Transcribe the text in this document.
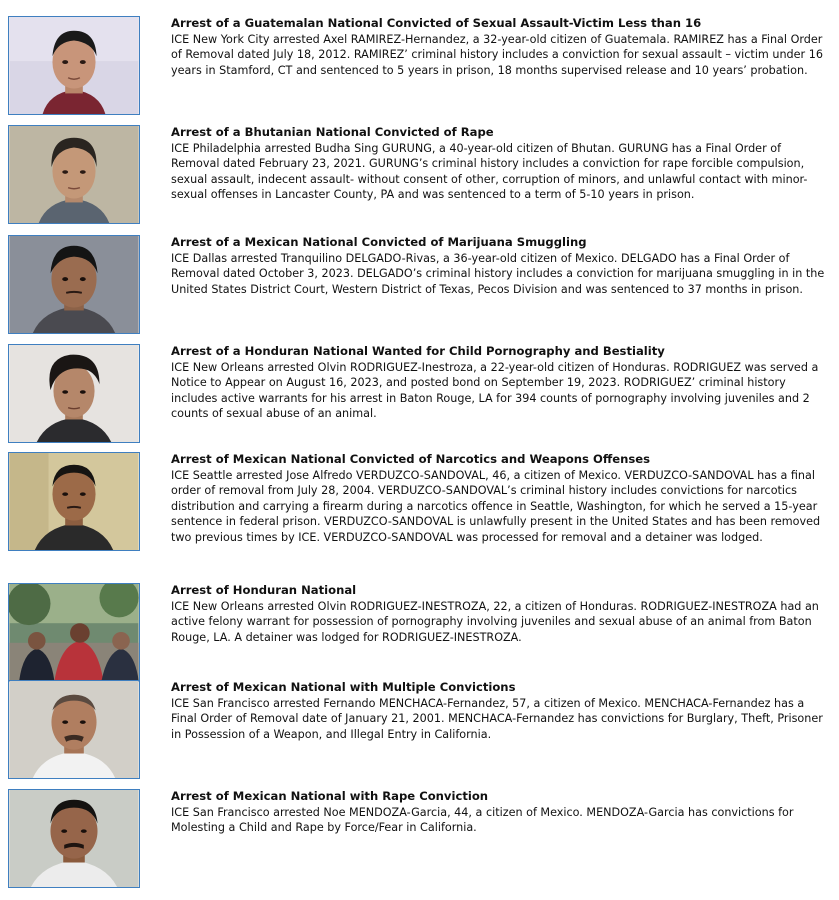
Arrest of a Guatemalan National Convicted of Sexual Assault-Victim Less than 16

ICE New York City arrested Axel RAMIREZ-Hernandez, a 32-year-old citizen of Guatemala. RAMIREZ has a Final Order of Removal dated July 18, 2012. RAMIREZ’ criminal history includes a conviction for sexual assault – victim under 16 years in Stamford, CT and sentenced to 5 years in prison, 18 months supervised release and 10 years’ probation.

Arrest of a Bhutanian National Convicted of Rape

ICE Philadelphia arrested Budha Sing GURUNG, a 40-year-old citizen of Bhutan. GURUNG has a Final Order of Removal dated February 23, 2021. GURUNG’s criminal history includes a conviction for rape forcible compulsion, sexual assault, indecent assault- without consent of other, corruption of minors, and unlawful contact with minor- sexual offenses in Lancaster County, PA and was sentenced to a term of 5-10 years in prison.

Arrest of a Mexican National Convicted of Marijuana Smuggling

ICE Dallas arrested Tranquilino DELGADO-Rivas, a 36-year-old citizen of Mexico. DELGADO has a Final Order of Removal dated October 3, 2023. DELGADO’s criminal history includes a conviction for marijuana smuggling in in the United States District Court, Western District of Texas, Pecos Division and was sentenced to 37 months in prison.

Arrest of a Honduran National Wanted for Child Pornography and Bestiality

ICE New Orleans arrested Olvin RODRIGUEZ-Inestroza, a 22-year-old citizen of Honduras. RODRIGUEZ was served a Notice to Appear on August 16, 2023, and posted bond on September 19, 2023. RODRIGUEZ’ criminal history includes active warrants for his arrest in Baton Rouge, LA for 394 counts of pornography involving juveniles and 2 counts of sexual abuse of an animal.

Arrest of Mexican National Convicted of Narcotics and Weapons Offenses

ICE Seattle arrested Jose Alfredo VERDUZCO-SANDOVAL, 46, a citizen of Mexico. VERDUZCO-SANDOVAL has a final order of removal from July 28, 2004. VERDUZCO-SANDOVAL’s criminal history includes convictions for narcotics distribution and carrying a firearm during a narcotics offence in Seattle, Washington, for which he served a 15-year sentence in federal prison. VERDUZCO-SANDOVAL is unlawfully present in the United States and has been removed two previous times by ICE. VERDUZCO-SANDOVAL was processed for removal and a detainer was lodged.

Arrest of Honduran National

ICE New Orleans arrested Olvin RODRIGUEZ-INESTROZA, 22, a citizen of Honduras. RODRIGUEZ-INESTROZA had an active felony warrant for possession of pornography involving juveniles and sexual abuse of an animal from Baton Rouge, LA. A detainer was lodged for RODRIGUEZ-INESTROZA.

Arrest of Mexican National with Multiple Convictions

ICE San Francisco arrested Fernando MENCHACA-Fernandez, 57, a citizen of Mexico. MENCHACA-Fernandez has a Final Order of Removal date of January 21, 2001. MENCHACA-Fernandez has convictions for Burglary, Theft, Prisoner in Possession of a Weapon, and Illegal Entry in California.

Arrest of Mexican National with Rape Conviction

ICE San Francisco arrested Noe MENDOZA-Garcia, 44, a citizen of Mexico. MENDOZA-Garcia has convictions for Molesting a Child and Rape by Force/Fear in California.
